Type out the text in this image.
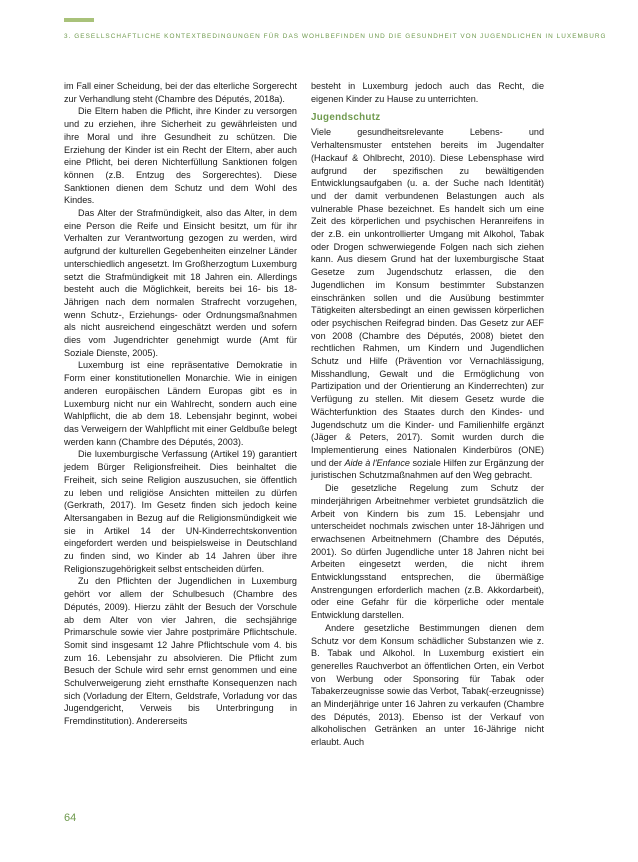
3. GESELLSCHAFTLICHE KONTEXTBEDINGUNGEN FÜR DAS WOHLBEFINDEN UND DIE GESUNDHEIT VON JUGENDLICHEN IN LUXEMBURG

im Fall einer Scheidung, bei der das elterliche Sorgerecht zur Verhandlung steht (Chambre des Députés, 2018a).

Die Eltern haben die Pflicht, ihre Kinder zu versorgen und zu erziehen, ihre Sicherheit zu gewährleisten und ihre Moral und ihre Gesundheit zu schützen. Die Erziehung der Kinder ist ein Recht der Eltern, aber auch eine Pflicht, bei deren Nichterfüllung Sanktionen folgen können (z.B. Entzug des Sorgerechtes). Diese Sanktionen dienen dem Schutz und dem Wohl des Kindes.

Das Alter der Strafmündigkeit, also das Alter, in dem eine Person die Reife und Einsicht besitzt, um für ihr Verhalten zur Verantwortung gezogen zu werden, wird aufgrund der kulturellen Gegebenheiten einzelner Länder unterschiedlich angesetzt. Im Großherzogtum Luxemburg setzt die Strafmündigkeit mit 18 Jahren ein. Allerdings besteht auch die Möglichkeit, bereits bei 16- bis 18-Jährigen nach dem normalen Strafrecht vorzugehen, wenn Schutz-, Erziehungs- oder Ordnungsmaßnahmen als nicht ausreichend eingeschätzt werden und sofern dies vom Jugendrichter genehmigt wurde (Amt für Soziale Dienste, 2005).

Luxemburg ist eine repräsentative Demokratie in Form einer konstitutionellen Monarchie. Wie in einigen anderen europäischen Ländern Europas gibt es in Luxemburg nicht nur ein Wahlrecht, sondern auch eine Wahlpflicht, die ab dem 18. Lebensjahr beginnt, wobei das Verweigern der Wahlpflicht mit einer Geldbuße belegt werden kann (Chambre des Députés, 2003).

Die luxemburgische Verfassung (Artikel 19) garantiert jedem Bürger Religionsfreiheit. Dies beinhaltet die Freiheit, sich seine Religion auszusuchen, sie öffentlich zu leben und religiöse Ansichten mitteilen zu dürfen (Gerkrath, 2017). Im Gesetz finden sich jedoch keine Altersangaben in Bezug auf die Religionsmündigkeit wie sie in Artikel 14 der UN-Kinderrechtskonvention eingefordert werden und beispielsweise in Deutschland zu finden sind, wo Kinder ab 14 Jahren über ihre Religionszugehörigkeit selbst entscheiden dürfen.

Zu den Pflichten der Jugendlichen in Luxemburg gehört vor allem der Schulbesuch (Chambre des Députés, 2009). Hierzu zählt der Besuch der Vorschule ab dem Alter von vier Jahren, die sechsjährige Primarschule sowie vier Jahre postprimäre Pflichtschule. Somit sind insgesamt 12 Jahre Pflichtschule vom 4. bis zum 16. Lebensjahr zu absolvieren. Die Pflicht zum Besuch der Schule wird sehr ernst genommen und eine Schulverweigerung zieht ernsthafte Konsequenzen nach sich (Vorladung der Eltern, Geldstrafe, Vorladung vor das Jugendgericht, Verweis bis Unterbringung in Fremdinstitution). Andererseits

besteht in Luxemburg jedoch auch das Recht, die eigenen Kinder zu Hause zu unterrichten.

Jugendschutz

Viele gesundheitsrelevante Lebens- und Verhaltensmuster entstehen bereits im Jugendalter (Hackauf & Ohlbrecht, 2010). Diese Lebensphase wird aufgrund der spezifischen zu bewältigenden Entwicklungsaufgaben (u. a. der Suche nach Identität) und der damit verbundenen Belastungen auch als vulnerable Phase bezeichnet. Es handelt sich um eine Zeit des körperlichen und psychischen Heranreifens in der z.B. ein unkontrollierter Umgang mit Alkohol, Tabak oder Drogen schwerwiegende Folgen nach sich ziehen kann. Aus diesem Grund hat der luxemburgische Staat Gesetze zum Jugendschutz erlassen, die den Jugendlichen im Konsum bestimmter Substanzen einschränken sollen und die Ausübung bestimmter Tätigkeiten altersbedingt an einen gewissen körperlichen oder psychischen Reifegrad binden. Das Gesetz zur AEF von 2008 (Chambre des Députés, 2008) bietet den rechtlichen Rahmen, um Kindern und Jugendlichen Schutz und Hilfe (Prävention vor Vernachlässigung, Misshandlung, Gewalt und die Ermöglichung von Partizipation und der Orientierung an Kinderrechten) zur Verfügung zu stellen. Mit diesem Gesetz wurde die Wächterfunktion des Staates durch den Kindes- und Jugendschutz um die Kinder- und Familienhilfe ergänzt (Jäger & Peters, 2017). Somit wurden durch die Implementierung eines Nationalen Kinderbüros (ONE) und der Aide à l'Enfance soziale Hilfen zur Ergänzung der juristischen Schutzmaßnahmen auf den Weg gebracht.

Die gesetzliche Regelung zum Schutz der minderjährigen Arbeitnehmer verbietet grundsätzlich die Arbeit von Kindern bis zum 15. Lebensjahr und unterscheidet nochmals zwischen unter 18-Jährigen und erwachsenen Arbeitnehmern (Chambre des Députés, 2001). So dürfen Jugendliche unter 18 Jahren nicht bei Arbeiten eingesetzt werden, die nicht ihrem Entwicklungsstand entsprechen, die übermäßige Anstrengungen erforderlich machen (z.B. Akkordarbeit), oder eine Gefahr für die körperliche oder mentale Entwicklung darstellen.

Andere gesetzliche Bestimmungen dienen dem Schutz vor dem Konsum schädlicher Substanzen wie z. B. Tabak und Alkohol. In Luxemburg existiert ein generelles Rauchverbot an öffentlichen Orten, ein Verbot von Werbung oder Sponsoring für Tabak oder Tabakerzeugnisse sowie das Verbot, Tabak(-erzeugnisse) an Minderjährige unter 16 Jahren zu verkaufen (Chambre des Députés, 2013). Ebenso ist der Verkauf von alkoholischen Getränken an unter 16-Jährige nicht erlaubt. Auch

64
